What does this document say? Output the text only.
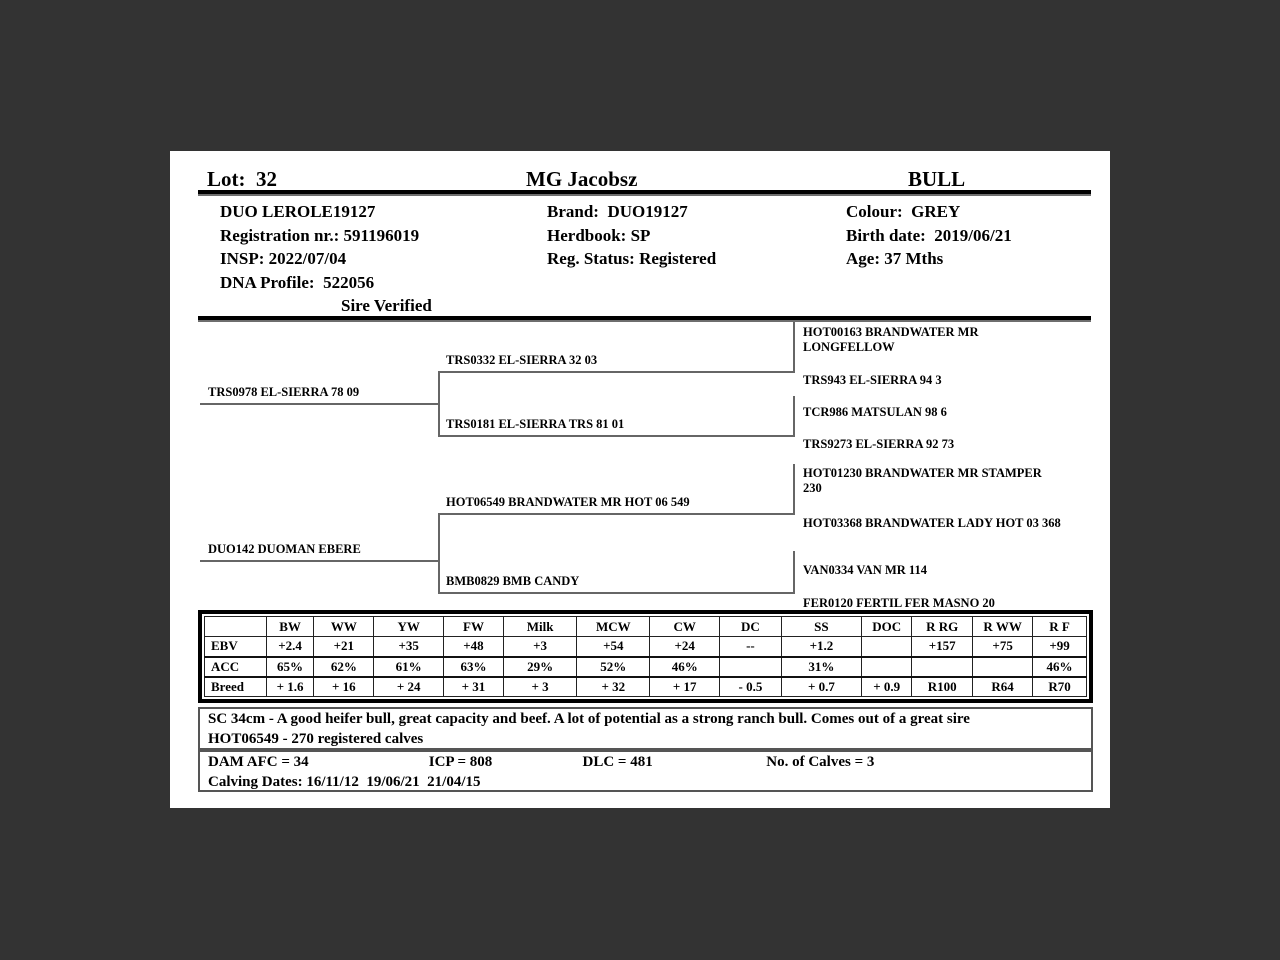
Lot:  32	MG Jacobsz	BULL
DUO LEROLE19127	Brand:  DUO19127	Colour:  GREY
Registration nr.: 591196019	Herdbook: SP	Birth date:  2019/06/21
INSP: 2022/07/04	Reg. Status: Registered	Age: 37 Mths
DNA Profile:  522056
Sire Verified
TRS0978 EL-SIERRA 78 09
DUO142 DUOMAN EBERE
TRS0332 EL-SIERRA 32 03
TRS0181 EL-SIERRA TRS 81 01
HOT06549 BRANDWATER MR HOT 06 549
BMB0829 BMB CANDY
HOT00163 BRANDWATER MR LONGFELLOW
TRS943 EL-SIERRA 94 3
TCR986 MATSULAN 98 6
TRS9273 EL-SIERRA 92 73
HOT01230 BRANDWATER MR STAMPER 230
HOT03368 BRANDWATER LADY HOT 03 368
VAN0334 VAN MR 114
FER0120 FERTIL FER MASNO 20
	BW	WW	YW	FW	Milk	MCW	CW	DC	SS	DOC	R RG	R WW	R F
EBV	+2.4	+21	+35	+48	+3	+54	+24	--	+1.2		+157	+75	+99
ACC	65%	62%	61%	63%	29%	52%	46%		31%				46%
Breed	+ 1.6	+ 16	+ 24	+ 31	+ 3	+ 32	+ 17	- 0.5	+ 0.7	+ 0.9	R100	R64	R70
SC 34cm - A good heifer bull, great capacity and beef. A lot of potential as a strong ranch bull. Comes out of a great sire
HOT06549 - 270 registered calves
DAM AFC = 34	ICP = 808	DLC = 481	No. of Calves = 3
Calving Dates: 16/11/12  19/06/21  21/04/15
